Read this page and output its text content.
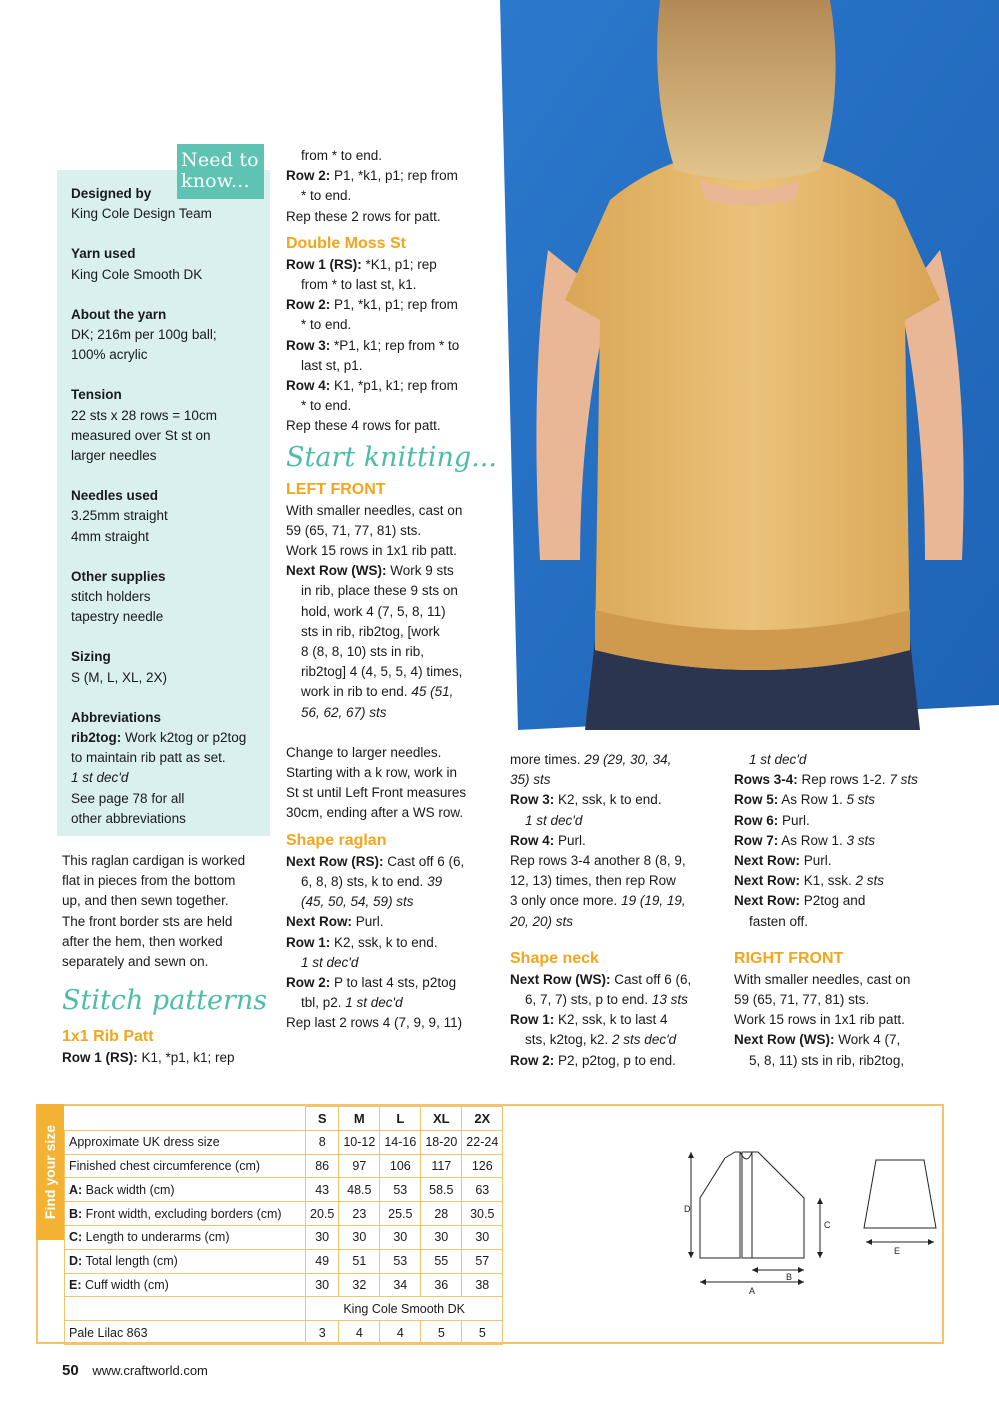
Need to
know...

Designed by

King Cole Design Team

Yarn used

King Cole Smooth DK

About the yarn

DK; 216m per 100g ball;

100% acrylic

Tension

22 sts x 28 rows = 10cm

measured over St st on

larger needles

Needles used

3.25mm straight

4mm straight

Other supplies

stitch holders

tapestry needle

Sizing

S (M, L, XL, 2X)

Abbreviations

rib2tog: Work k2tog or p2tog

to maintain rib patt as set.

1 st dec'd

See page 78 for all

other abbreviations

This raglan cardigan is worked

flat in pieces from the bottom

up, and then sewn together.

The front border sts are held

after the hem, then worked

separately and sewn on.

Stitch patterns

1x1 Rib Patt

Row 1 (RS): K1, *p1, k1; rep

from * to end.

Row 2: P1, *k1, p1; rep from

* to end.

Rep these 2 rows for patt.

Double Moss St

Row 1 (RS): *K1, p1; rep

from * to last st, k1.

Row 2: P1, *k1, p1; rep from

* to end.

Row 3: *P1, k1; rep from * to

last st, p1.

Row 4: K1, *p1, k1; rep from

* to end.

Rep these 4 rows for patt.

Start knitting...

LEFT FRONT

With smaller needles, cast on

59 (65, 71, 77, 81) sts.

Work 15 rows in 1x1 rib patt.

Next Row (WS): Work 9 sts

in rib, place these 9 sts on

hold, work 4 (7, 5, 8, 11)

sts in rib, rib2tog, [work

8 (8, 8, 10) sts in rib,

rib2tog] 4 (4, 5, 5, 4) times,

work in rib to end. 45 (51,

56, 62, 67) sts

Change to larger needles.

Starting with a k row, work in

St st until Left Front measures

30cm, ending after a WS row.

Shape raglan

Next Row (RS): Cast off 6 (6,

6, 8, 8) sts, k to end. 39

(45, 50, 54, 59) sts

Next Row: Purl.

Row 1: K2, ssk, k to end.

1 st dec'd

Row 2: P to last 4 sts, p2tog

tbl, p2. 1 st dec'd

Rep last 2 rows 4 (7, 9, 9, 11)

more times. 29 (29, 30, 34,

35) sts

Row 3: K2, ssk, k to end.

1 st dec'd

Row 4: Purl.

Rep rows 3-4 another 8 (8, 9,

12, 13) times, then rep Row

3 only once more. 19 (19, 19,

20, 20) sts

Shape neck

Next Row (WS): Cast off 6 (6,

6, 7, 7) sts, p to end. 13 sts

Row 1: K2, ssk, k to last 4

sts, k2tog, k2. 2 sts dec'd

Row 2: P2, p2tog, p to end.

1 st dec'd

Rows 3-4: Rep rows 1-2. 7 sts

Row 5: As Row 1. 5 sts

Row 6: Purl.

Row 7: As Row 1. 3 sts

Next Row: Purl.

Next Row: K1, ssk. 2 sts

Next Row: P2tog and

fasten off.

RIGHT FRONT

With smaller needles, cast on

59 (65, 71, 77, 81) sts.

Work 15 rows in 1x1 rib patt.

Next Row (WS): Work 4 (7,

5, 8, 11) sts in rib, rib2tog,

Find your size
	S	M	L	XL	2X
Approximate UK dress size	8	10-12	14-16	18-20	22-24
Finished chest circumference (cm)	86	97	106	117	126
A: Back width (cm)	43	48.5	53	58.5	63
B: Front width, excluding borders (cm)	20.5	23	25.5	28	30.5
C: Length to underarms (cm)	30	30	30	30	30
D: Total length (cm)	49	51	53	55	57
E: Cuff width (cm)	30	32	34	36	38
	King Cole Smooth DK				
Pale Lilac 863	3	4	4	5	5
D
C
A
B
E
50 www.craftworld.com
